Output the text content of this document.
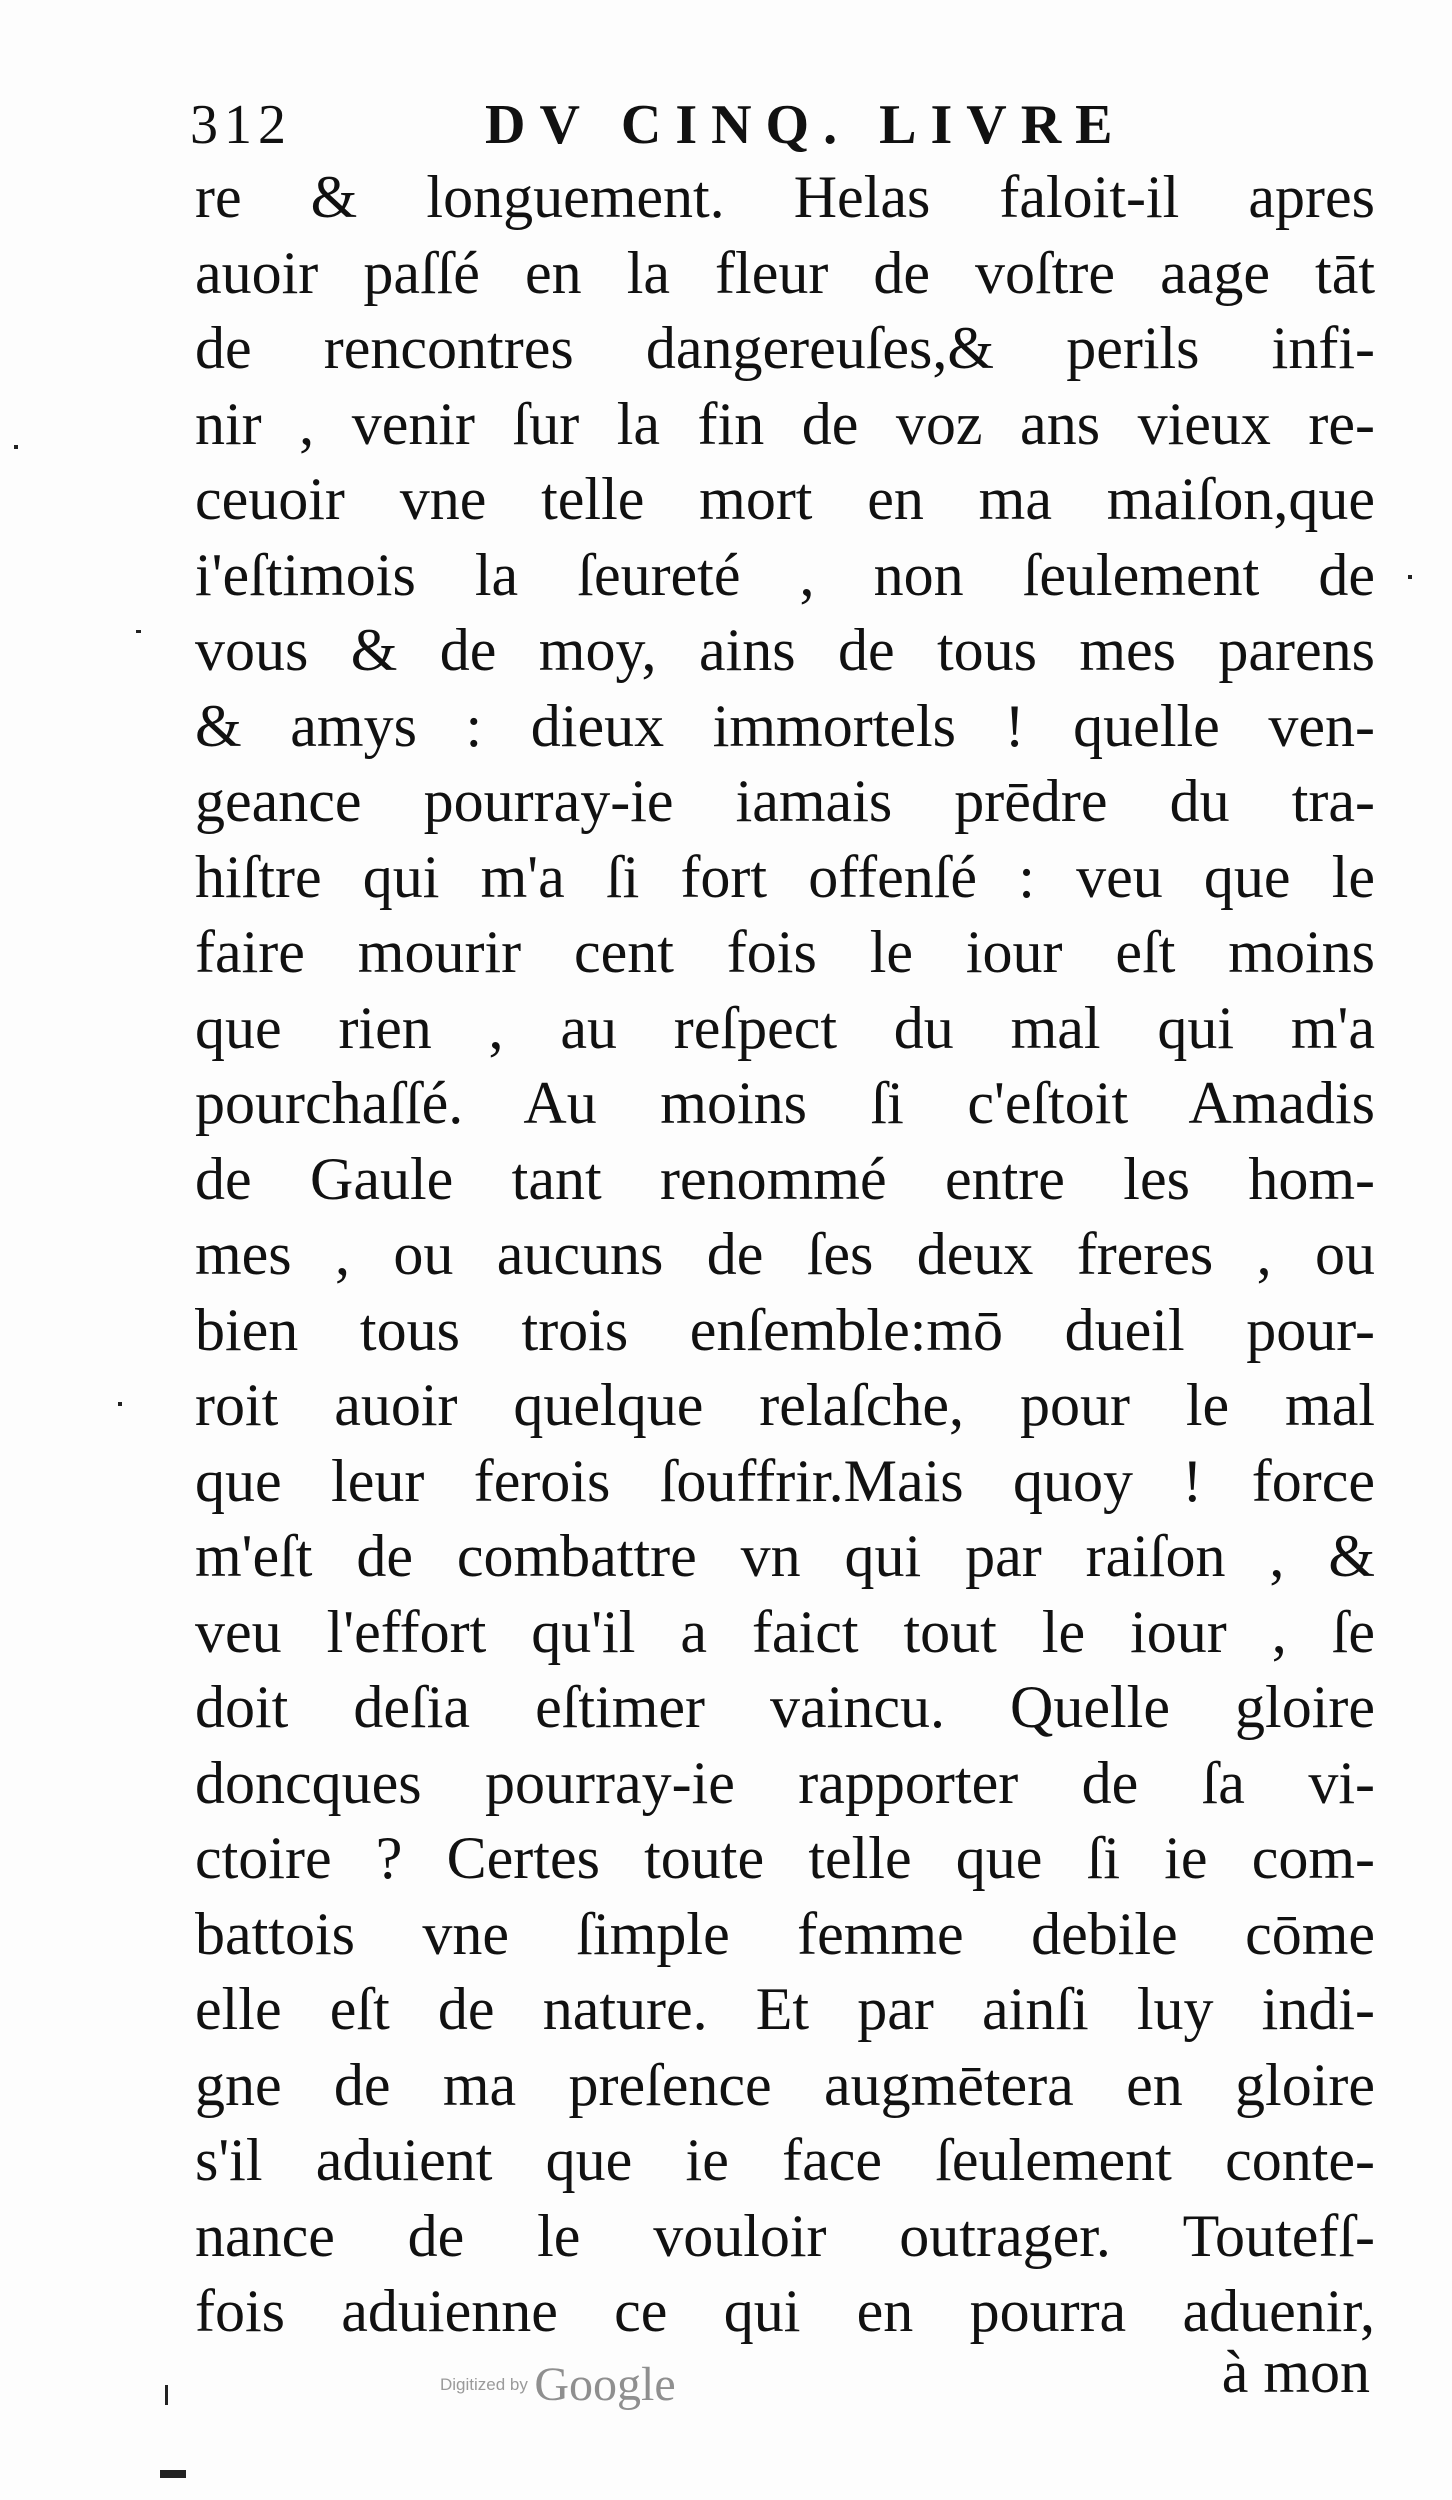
312	DV CINQ. LIVRE
re & longuement. Helas faloit-il apres
auoir paſſé en la fleur de voſtre aage tāt
de rencontres dangereuſes,& perils infi-
nir , venir ſur la fin de voz ans vieux re-
ceuoir vne telle mort en ma maiſon,que
i'eſtimois la ſeureté , non ſeulement de
vous & de moy, ains de tous mes parens
& amys : dieux immortels ! quelle ven-
geance pourray-ie iamais prēdre du tra-
hiſtre qui m'a ſi fort offenſé : veu que le
faire mourir cent fois le iour eſt moins
que rien , au reſpect du mal qui m'a
pourchaſſé. Au moins ſi c'eſtoit Amadis
de Gaule tant renommé entre les hom-
mes , ou aucuns de ſes deux freres , ou
bien tous trois enſemble:mō dueil pour-
roit auoir quelque relaſche, pour le mal
que leur ferois ſouffrir.Mais quoy ! force
m'eſt de combattre vn qui par raiſon , &
veu l'effort qu'il a faict tout le iour , ſe
doit deſia eſtimer vaincu. Quelle gloire
doncques pourray-ie rapporter de ſa vi-
ctoire ? Certes toute telle que ſi ie com-
battois vne ſimple femme debile cōme
elle eſt de nature. Et par ainſi luy indi-
gne de ma preſence augmētera en gloire
s'il aduient que ie face ſeulement conte-
nance de le vouloir outrager. Toutefſ-
fois aduienne ce qui en pourra aduenir,
Digitized by Google	à mon
